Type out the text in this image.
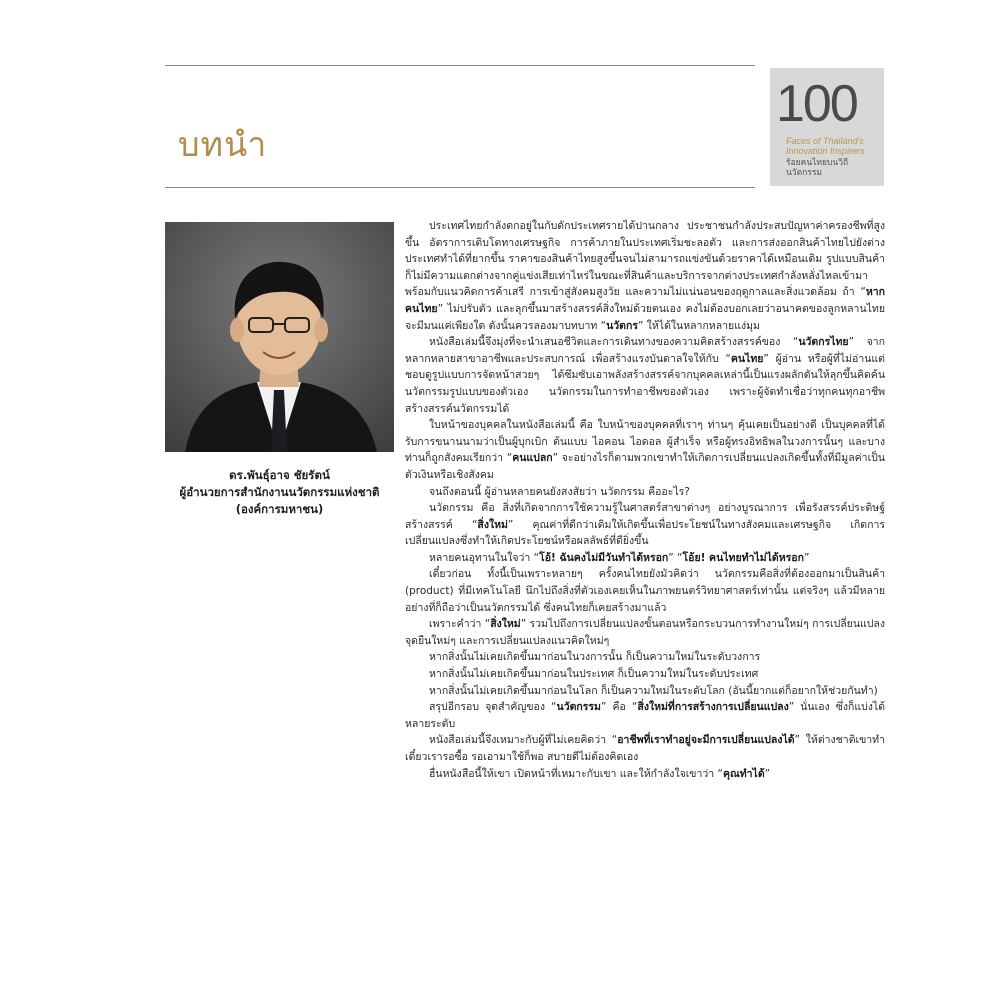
บทนำ
100
Faces of Thailand's
Innovation Inspirers
ร้อยคนไทยบนวิถีนวัตกรรม
ดร.พันธุ์อาจ ชัยรัตน์
ผู้อำนวยการสำนักงานนวัตกรรมแห่งชาติ
(องค์การมหาชน)

ประเทศไทยกำลังตกอยู่ในกับดักประเทศรายได้ปานกลาง ประชาชนกำลังประสบปัญหาค่าครองชีพที่สูงขึ้น อัตราการเติบโตทางเศรษฐกิจ การค้าภายในประเทศเริ่มชะลอตัว และการส่งออกสินค้าไทยไปยังต่างประเทศทำได้ที่ยากขึ้น ราคาของสินค้าไทยสูงขึ้นจนไม่สามารถแข่งขันด้วยราคาได้เหมือนเดิม รูปแบบสินค้าก็ไม่มีความแตกต่างจากคู่แข่งเสียเท่าไหร่ในขณะที่สินค้าและบริการจากต่างประเทศกำลังหลั่งไหลเข้ามาพร้อมกับแนวคิดการค้าเสรี การเข้าสู่สังคมสูงวัย และความไม่แน่นอนของฤดูกาลและสิ่งแวดล้อม ถ้า “หากคนไทย” ไม่ปรับตัว และลุกขึ้นมาสร้างสรรค์สิ่งใหม่ด้วยตนเอง คงไม่ต้องบอกเลยว่าอนาคตของลูกหลานไทยจะมีมนแค่เพียงใด ดังนั้นควรลองมาบทบาท “นวัตกร” ให้ได้ในหลากหลายแง่มุม

หนังสือเล่มนี้จึงมุ่งที่จะนำเสนอชีวิตและการเดินทางของความคิดสร้างสรรค์ของ “นวัตกรไทย” จากหลากหลายสาขาอาชีพและประสบการณ์ เพื่อสร้างแรงบันดาลใจให้กับ “คนไทย” ผู้อ่าน หรือผู้ที่ไม่อ่านแต่ชอบดูรูปแบบการจัดหน้าสวยๆ ได้ซึมซับเอาพลังสร้างสรรค์จากบุคคลเหล่านี้เป็นแรงผลักดันให้ลุกขึ้นคิดค้นนวัตกรรมรูปแบบของตัวเอง นวัตกรรมในการทำอาชีพของตัวเอง เพราะผู้จัดทำเชื่อว่าทุกคนทุกอาชีพสร้างสรรค์นวัตกรรมได้

ใบหน้าของบุคคลในหนังสือเล่มนี้ คือ ใบหน้าของบุคคลที่เราๆ ท่านๆ คุ้นเคยเป็นอย่างดี เป็นบุคคลที่ได้รับการขนานนามว่าเป็นผู้บุกเบิก ต้นแบบ ไอคอน ไอดอล ผู้สำเร็จ หรือผู้ทรงอิทธิพลในวงการนั้นๆ และบางท่านก็ถูกสังคมเรียกว่า “คนแปลก” จะอย่างไรก็ตามพวกเขาทำให้เกิดการเปลี่ยนแปลงเกิดขึ้นทั้งที่มีมูลค่าเป็นตัวเงินหรือเชิงสังคม

จนถึงตอนนี้ ผู้อ่านหลายคนยังสงสัยว่า นวัตกรรม คืออะไร?

นวัตกรรม คือ สิ่งที่เกิดจากการใช้ความรู้ในศาสตร์สาขาต่างๆ อย่างบูรณาการ เพื่อรังสรรค์ประดิษฐ์สร้างสรรค์ “สิ่งใหม่” คุณค่าที่ดีกว่าเดิมให้เกิดขึ้นเพื่อประโยชน์ในทางสังคมและเศรษฐกิจ เกิดการเปลี่ยนแปลงซึ่งทำให้เกิดประโยชน์หรือผลลัพธ์ที่ดียิ่งขึ้น

หลายคนอุทานในใจว่า “โอ้! ฉันคงไม่มีวันทำได้หรอก” “โอ้ย! คนไทยทำไม่ได้หรอก”

เดี๋ยวก่อน ทั้งนี้เป็นเพราะหลายๆ ครั้งคนไทยยังมัวคิดว่า นวัตกรรมคือสิ่งที่ต้องออกมาเป็นสินค้า (product) ที่มีเทคโนโลยี นึกไปถึงสิ่งที่ตัวเองเคยเห็นในภาพยนตร์วิทยาศาสตร์เท่านั้น แต่จริงๆ แล้วมีหลายอย่างที่ก็ถือว่าเป็นนวัตกรรมได้ ซึ่งคนไทยก็เคยสร้างมาแล้ว

เพราะคำว่า “สิ่งใหม่” รวมไปถึงการเปลี่ยนแปลงขั้นตอนหรือกระบวนการทำงานใหม่ๆ การเปลี่ยนแปลงจุดยืนใหม่ๆ และการเปลี่ยนแปลงแนวคิดใหม่ๆ

หากสิ่งนั้นไม่เคยเกิดขึ้นมาก่อนในวงการนั้น ก็เป็นความใหม่ในระดับวงการ

หากสิ่งนั้นไม่เคยเกิดขึ้นมาก่อนในประเทศ ก็เป็นความใหม่ในระดับประเทศ

หากสิ่งนั้นไม่เคยเกิดขึ้นมาก่อนในโลก ก็เป็นความใหม่ในระดับโลก (อันนี้ยากแต่ก็อยากให้ช่วยกันทำ)

สรุปอีกรอบ จุดสำคัญของ “นวัตกรรม” คือ “สิ่งใหม่ที่การสร้างการเปลี่ยนแปลง” นั่นเอง ซึ่งก็แบ่งได้หลายระดับ

หนังสือเล่มนี้จึงเหมาะกับผู้ที่ไม่เคยคิดว่า “อาชีพที่เราทำอยู่จะมีการเปลี่ยนแปลงได้” ให้ต่างชาติเขาทำ เดี๋ยวเรารอซื้อ รอเอามาใช้ก็พอ สบายดีไม่ต้องคิดเอง

ฮื่นหนังสือนี้ให้เขา เปิดหน้าที่เหมาะกับเขา และให้กำลังใจเขาว่า “คุณทำได้”
